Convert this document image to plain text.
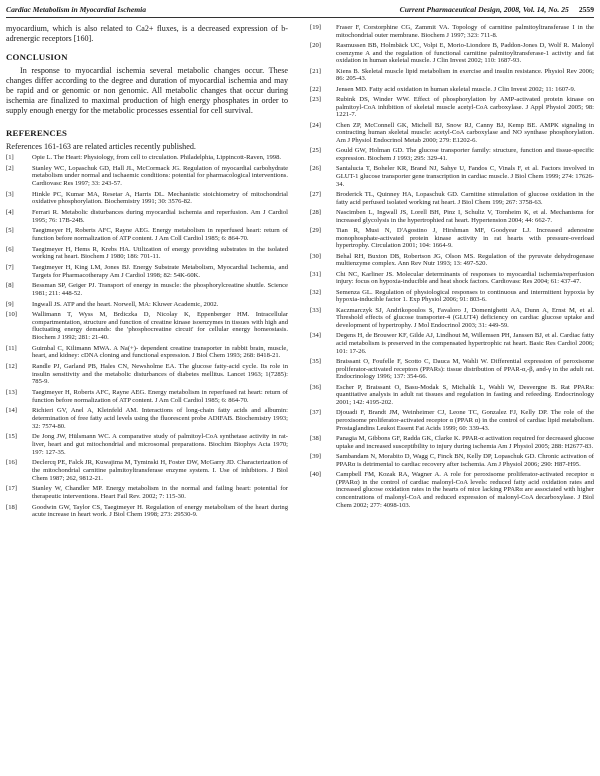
Cardiac Metabolism in Myocardial Ischemia	Current Pharmaceutical Design, 2008, Vol. 14, No. 25 2559

myocardium, which is also related to Ca2+ fluxes, is a decreased expression of b-adrenergic receptors [160].

CONCLUSION

In response to myocardial ischemia several metabolic changes occur. These changes differ according to the degree and duration of myocardial ischemia and may be rapid and or genomic or non genomic. All metabolic changes that occur during ischemia are finalized to maximal production of high energy phosphates in order to supply enough energy for the metabolic processes essential for cell survival.

REFERENCES
References 161-163 are related articles recently published.
[1]	Opie L. The Heart: Physiology, from cell to circulation. Philadelphia, Lippincott-Raven, 1998.
[2]	Stanley WC, Lopaschuk GD, Hall JL, McCormack JG. Regulation of myocardial carbohydrate metabolism under normal and ischaemic conditions: potential for pharmacological interventions. Cardiovasc Res 1997; 33: 243-57.
[3]	Hinkle PC, Kumar MA, Resetar A, Harris DL. Mechanistic stoichiometry of mitochondrial oxidative phosphorylation. Biochemistry 1991; 30: 3576-82.
[4]	Ferrari R. Metabolic disturbances during myocardial ischemia and reperfusion. Am J Cardiol 1995; 76: 17B-24B.
[5]	Taegtmeyer H, Roberts AFC, Rayne AEG. Energy metabolism in reperfused heart: return of function before normalization of ATP content. J Am Coll Cardiol 1985; 6: 864-70.
[6]	Taegtmeyer H, Hems R, Krebs HA. Utilization of energy providing substrates in the isolated working rat heart. Biochem J 1980; 186: 701-11.
[7]	Taegtmeyer H, King LM, Jones BJ. Energy Substrate Metabolism, Myocardial Ischemia, and Targets for Pharmacotherapy Am J Cardiol 1998; 82: 54K-60K.
[8]	Bessman SP, Geiger PJ. Transport of energy in muscle: the phosphorylcreatine shuttle. Science 1981; 211: 448-52.
[9]	Ingwall JS. ATP and the heart. Norwell, MA: Kluwer Academic, 2002.
[10]	Wallimann T, Wyss M, Brdiczka D, Nicolay K, Eppenberger HM. Intracellular compartmentation, structure and function of creatine kinase isoenzymes in tissues with high and fluctuating energy demands: the 'phosphocreatine circuit' for cellular energy homeostasis. Biochem J 1992; 281: 21-40.
[11]	Guimbal C, Kilimann MWA. A Na(+)- dependent creatine transporter in rabbit brain, muscle, heart, and kidney: cDNA cloning and functional expression. J Biol Chem 1993; 268: 8418-21.
[12]	Randle PJ, Garland PB, Hales CN, Newsholme EA. The glucose fatty-acid cycle. Its role in insulin sensitivity and the metabolic disturbances of diabetes mellitus. Lancet 1963; 1(7285): 785-9.
[13]	Taegtmeyer H, Roberts AFC, Rayne AEG. Energy metabolism in reperfused rat heart: return of function before normalization of ATP content. J Am Coll Cardiol 1985; 6: 864-70.
[14]	Richieri GV, Anel A, Kleinfeld AM. Interactions of long-chain fatty acids and albumin: determination of free fatty acid levels using the fluorescent probe ADIFAB. Biochemistry 1993; 32: 7574-80.
[15]	De Jong JW, Hülsmann WC. A comparative study of palmitoyl-CoA synthetase activity in rat-liver, heart and gut mitochondrial and microsomal preparations. Biochim Biophys Acta 1970; 197: 127-35.
[16]	Declercq PE, Falck JR, Kuwajima M, Tyminski H, Foster DW, McGarry JD. Characterization of the mitochondrial carnitine palmitoyltransferase enzyme system. I. Use of inhibitors. J Biol Chem 1987; 262, 9812-21.
[17]	Stanley W, Chandler MP. Energy metabolism in the normal and failing heart: potential for therapeutic interventions. Heart Fail Rev. 2002; 7: 115-30.
[18]	Goodwin GW, Taylor CS, Taegtmeyer H. Regulation of energy metabolism of the heart during acute increase in heart work. J Biol Chem 1998; 273: 29530-9.
[19]	Fraser F, Corstorphine CG, Zammit VA. Topology of carnitine palmitoyltransferase I in the mitochondrial outer membrane. Biochem J 1997; 323: 711-8.
[20]	Rasmussen BB, Holmbäck UC, Volpi E, Morio-Liondore B, Paddon-Jones D, Wolf R. Malonyl coenzyme A and the regulation of functional carnitine palmitoyltransferase-1 activity and fat oxidation in human skeletal muscle. J Clin Invest 2002; 110: 1687-93.
[21]	Kiens B. Skeletal muscle lipid metabolism in exercise and insulin resistance. Physiol Rev 2006; 86: 205-43.
[22]	Jensen MD. Fatty acid oxidation in human skeletal muscle. J Clin Invest 2002; 11: 1607-9.
[23]	Rubink DS, Winder WW. Effect of phosphorylation by AMP-activated protein kinase on palmitoyl-CoA inhibition of skeletal muscle acetyl-CoA carboxylase. J Appl Physiol 2005; 98: 1221-7.
[24]	Chen ZP, McConnell GK, Michell BJ, Snow RJ, Canny BJ, Kemp BE. AMPK signaling in contracting human skeletal muscle: acetyl-CoA carboxylase and NO synthase phosphorylation. Am J Physiol Endocrinol Metab 2000; 279: E1202-6.
[25]	Gould GW, Holman GD. The glucose transporter family: structure, function and tissue-specific expression. Biochem J 1993; 295: 329-41.
[26]	Santalucia T, Boheler KR, Brand NJ, Sahye U, Fandos C, Vinals F, et al. Factors involved in GLUT-1 glucose transporter gene transcription in cardiac muscle. J Biol Chem 1999; 274: 17626-34.
[27]	Broderick TL, Quinney HA, Lopaschuk GD. Carnitine stimulation of glucose oxidation in the fatty acid perfused isolated working rat heart. J Biol Chem 199; 267: 3758-63.
[28]	Nascimben L, Ingwall JS, Lorell BH, Pinz I, Schultz V, Tornheim K, et al. Mechanisms for increased glycolysis in the hypertrophied rat heart. Hypertension 2004; 44: 662-7.
[29]	Tian R, Musi N, D'Agostino J, Hirshman MF, Goodyear LJ. Increased adenosine monophosphate-activated protein kinase activity in rat hearts with pressure-overload hypertrophy. Circulation 2001; 104: 1664-9.
[30]	Behal RH, Buxton DB, Robertson JG, Olson MS. Regulation of the pyruvate dehydrogenase multienzyme complex. Ann Rev Nutr 1993; 13: 497-520.
[31]	Chi NC, Karliner JS. Molecular determinants of responses to myocardial ischemia/reperfusion injury: focus on hypoxia-inducible and heat shock factors. Cardiovasc Res 2004; 61: 437-47.
[32]	Semenza GL. Regulation of physiological responses to continuous and intermittent hypoxia by hypoxia-inducible factor 1. Exp Physiol 2006; 91: 803-6.
[33]	Kaczmarczyk SJ, Andrikopoulos S, Favaloro J, Domenighetti AA, Dunn A, Ernst M, et al. Threshold effects of glucose transporter-4 (GLUT4) deficiency on cardiac glucose uptake and development of hypertrophy. J Mol Endocrinol 2003; 31: 449-59.
[34]	Degens H, de Brouwer KF, Gilde AJ, Lindhout M, Willemsen PH, Janssen BJ, et al. Cardiac fatty acid metabolism is preserved in the compensated hypertrophic rat heart. Basic Res Cardiol 2006; 101: 17-26.
[35]	Braissant O, Foufelle F, Scotto C, Dauca M, Wahli W. Differential expression of peroxisome proliferator-activated receptors (PPARs): tissue distribution of PPAR-α,-β, and-γ in the adult rat. Endocrinology 1996; 137: 354-66.
[36]	Escher P, Braissant O, Basu-Modak S, Michalik L, Wahli W, Desvergne B. Rat PPARs: quantitative analysis in adult rat tissues and regulation in fasting and refeeding. Endocrinology 2001; 142: 4195-202.
[37]	Djouadi F, Brandt JM, Weinheimer CJ, Leone TC, Gonzalez FJ, Kelly DP. The role of the peroxisome proliferator-activated receptor α (PPAR α) in the control of cardiac lipid metabolism. Prostaglandins Leukot Essent Fat Acids 1999; 60: 339-43.
[38]	Panagia M, Gibbons GF, Radda GK, Clarke K. PPAR-α activation required for decreased glucose uptake and increased susceptibility to injury during ischemia Am J Physiol 2005; 288: H2677-83.
[39]	Sambandam N, Morabito D, Wagg C, Finck BN, Kelly DP, Lopaschuk GD. Chronic activation of PPARα is detrimental to cardiac recovery after ischemia. Am J Physiol 2006; 290: H87-H95.
[40]	Campbell FM, Kozak RA, Wagner A. A role for peroxisome proliferator-activated receptor α (PPARα) in the control of cardiac malonyl-CoA levels: reduced fatty acid oxidation rates and increased glucose oxidation rates in the hearts of mice lacking PPARα are associated with higher concentrations of malonyl-CoA and reduced expression of malonyl-CoA decarboxylase. J Biol Chem 2002; 277: 4098-103.
